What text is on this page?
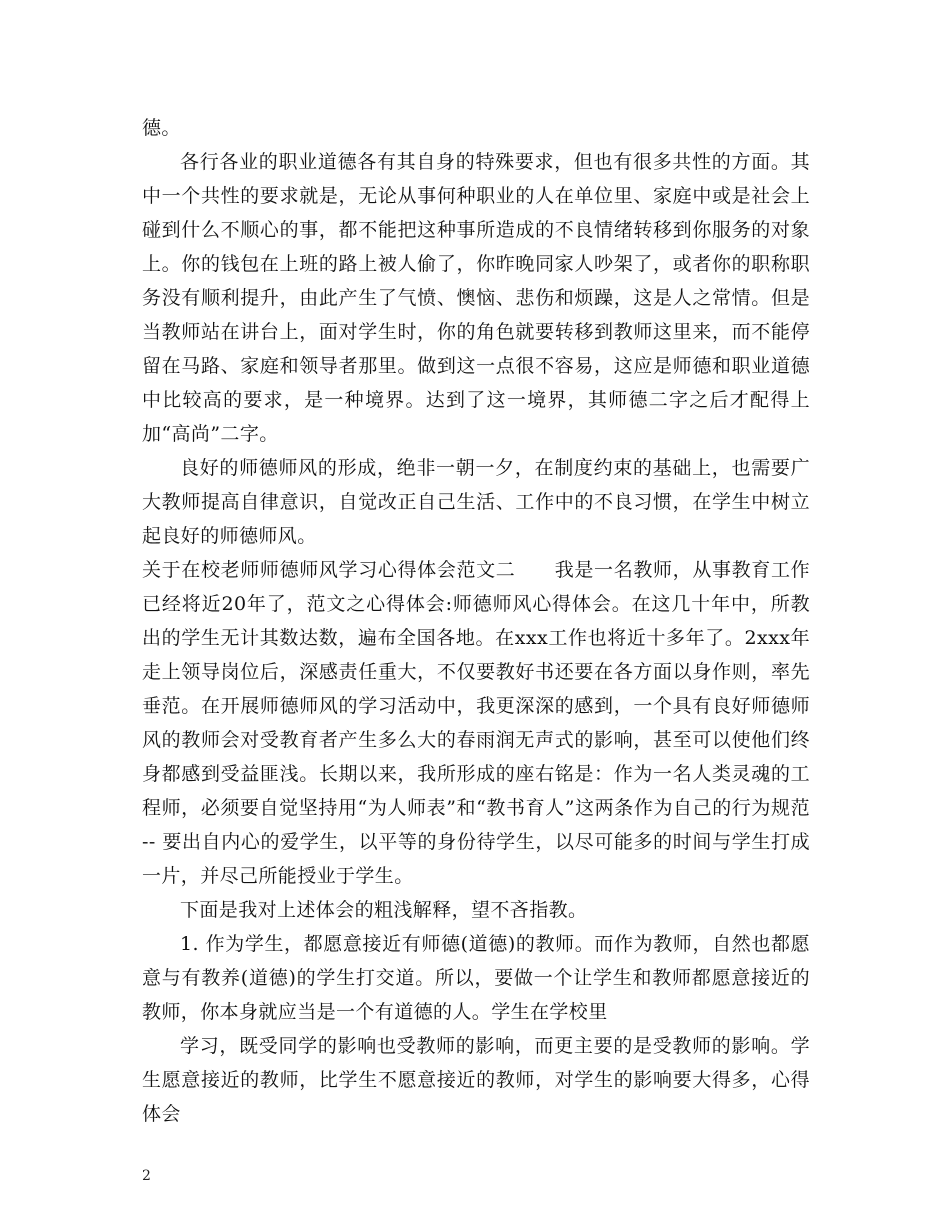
德。

各行各业的职业道德各有其自身的特殊要求，但也有很多共性的方面。其中一个共性的要求就是，无论从事何种职业的人在单位里、家庭中或是社会上碰到什么不顺心的事，都不能把这种事所造成的不良情绪转移到你服务的对象上。你的钱包在上班的路上被人偷了，你昨晚同家人吵架了，或者你的职称职务没有顺利提升，由此产生了气愤、懊恼、悲伤和烦躁，这是人之常情。但是当教师站在讲台上，面对学生时，你的角色就要转移到教师这里来，而不能停留在马路、家庭和领导者那里。做到这一点很不容易，这应是师德和职业道德中比较高的要求，是一种境界。达到了这一境界，其师德二字之后才配得上加“高尚”二字。

良好的师德师风的形成，绝非一朝一夕，在制度约束的基础上，也需要广大教师提高自律意识，自觉改正自己生活、工作中的不良习惯，在学生中树立起良好的师德师风。

关于在校老师师德师风学习心得体会范文二　　我是一名教师，从事教育工作已经将近20年了，范文之心得体会:师德师风心得体会。在这几十年中，所教出的学生无计其数达数，遍布全国各地。在xxx工作也将近十多年了。2xxx年走上领导岗位后，深感责任重大，不仅要教好书还要在各方面以身作则，率先垂范。在开展师德师风的学习活动中，我更深深的感到，一个具有良好师德师风的教师会对受教育者产生多么大的春雨润无声式的影响，甚至可以使他们终身都感到受益匪浅。长期以来，我所形成的座右铭是：作为一名人类灵魂的工程师，必须要自觉坚持用“为人师表”和“教书育人”这两条作为自己的行为规范 -- 要出自内心的爱学生，以平等的身份待学生，以尽可能多的时间与学生打成一片，并尽己所能授业于学生。

下面是我对上述体会的粗浅解释，望不吝指教。

1. 作为学生，都愿意接近有师德(道德)的教师。而作为教师，自然也都愿意与有教养(道德)的学生打交道。所以，要做一个让学生和教师都愿意接近的教师，你本身就应当是一个有道德的人。学生在学校里

学习，既受同学的影响也受教师的影响，而更主要的是受教师的影响。学生愿意接近的教师，比学生不愿意接近的教师，对学生的影响要大得多，心得体会

2
